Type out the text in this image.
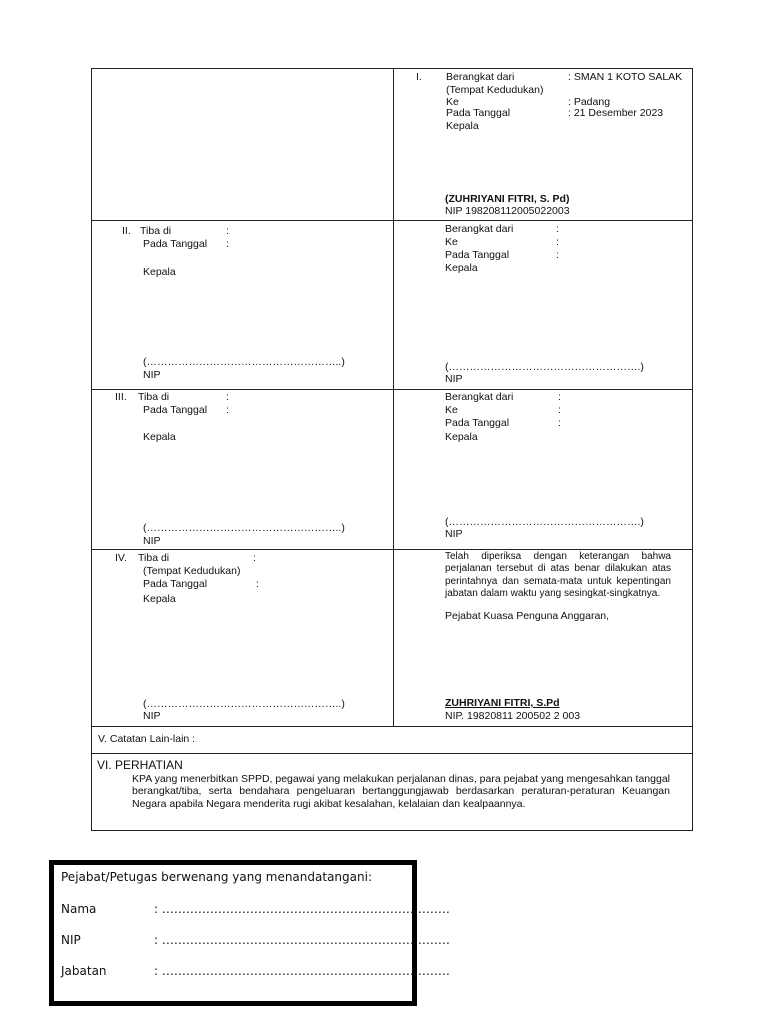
I. Berangkat dari	: SMAN 1 KOTO SALAK
(Tempat Kedudukan)
Ke	: Padang
Pada Tanggal	: 21 Desember 2023
Kepala
(ZUHRIYANI FITRI, S. Pd)
NIP 198208112005022003
II. Tiba di	:
Pada Tanggal :
Kepala
(………………………………………………..)
NIP
Berangkat dari	:
Ke	:
Pada Tanggal	:
Kepala
(……………………………………………….)
NIP
III. Tiba di	:
Pada Tanggal :
Kepala
(………………………………………………..)
NIP
Berangkat dari	:
Ke	:
Pada Tanggal	:
Kepala
(……………………………………………….)
NIP
IV. Tiba di	:
(Tempat Kedudukan)
Pada Tanggal	:
Kepala
(………………………………………………..)
NIP
Telah diperiksa dengan keterangan bahwa perjalanan tersebut di atas benar dilakukan atas perintahnya dan semata-mata untuk kepentingan jabatan dalam waktu yang sesingkat-singkatnya.
Pejabat Kuasa Penguna Anggaran,
ZUHRIYANI FITRI, S.Pd
NIP. 19820811 200502 2 003
V. Catatan Lain-lain :
VI. PERHATIAN
KPA yang menerbitkan SPPD, pegawai yang melakukan perjalanan dinas, para pejabat yang mengesahkan tanggal berangkat/tiba, serta bendahara pengeluaran bertanggungjawab berdasarkan peraturan-peraturan Keuangan Negara apabila Negara menderita rugi akibat kesalahan, kelalaian dan kealpaannya.
Pejabat/Petugas berwenang yang menandatangani:
Nama	: ………………………………………………………………
NIP	: ………………………………………………………………
Jabatan	: ………………………………………………………………
